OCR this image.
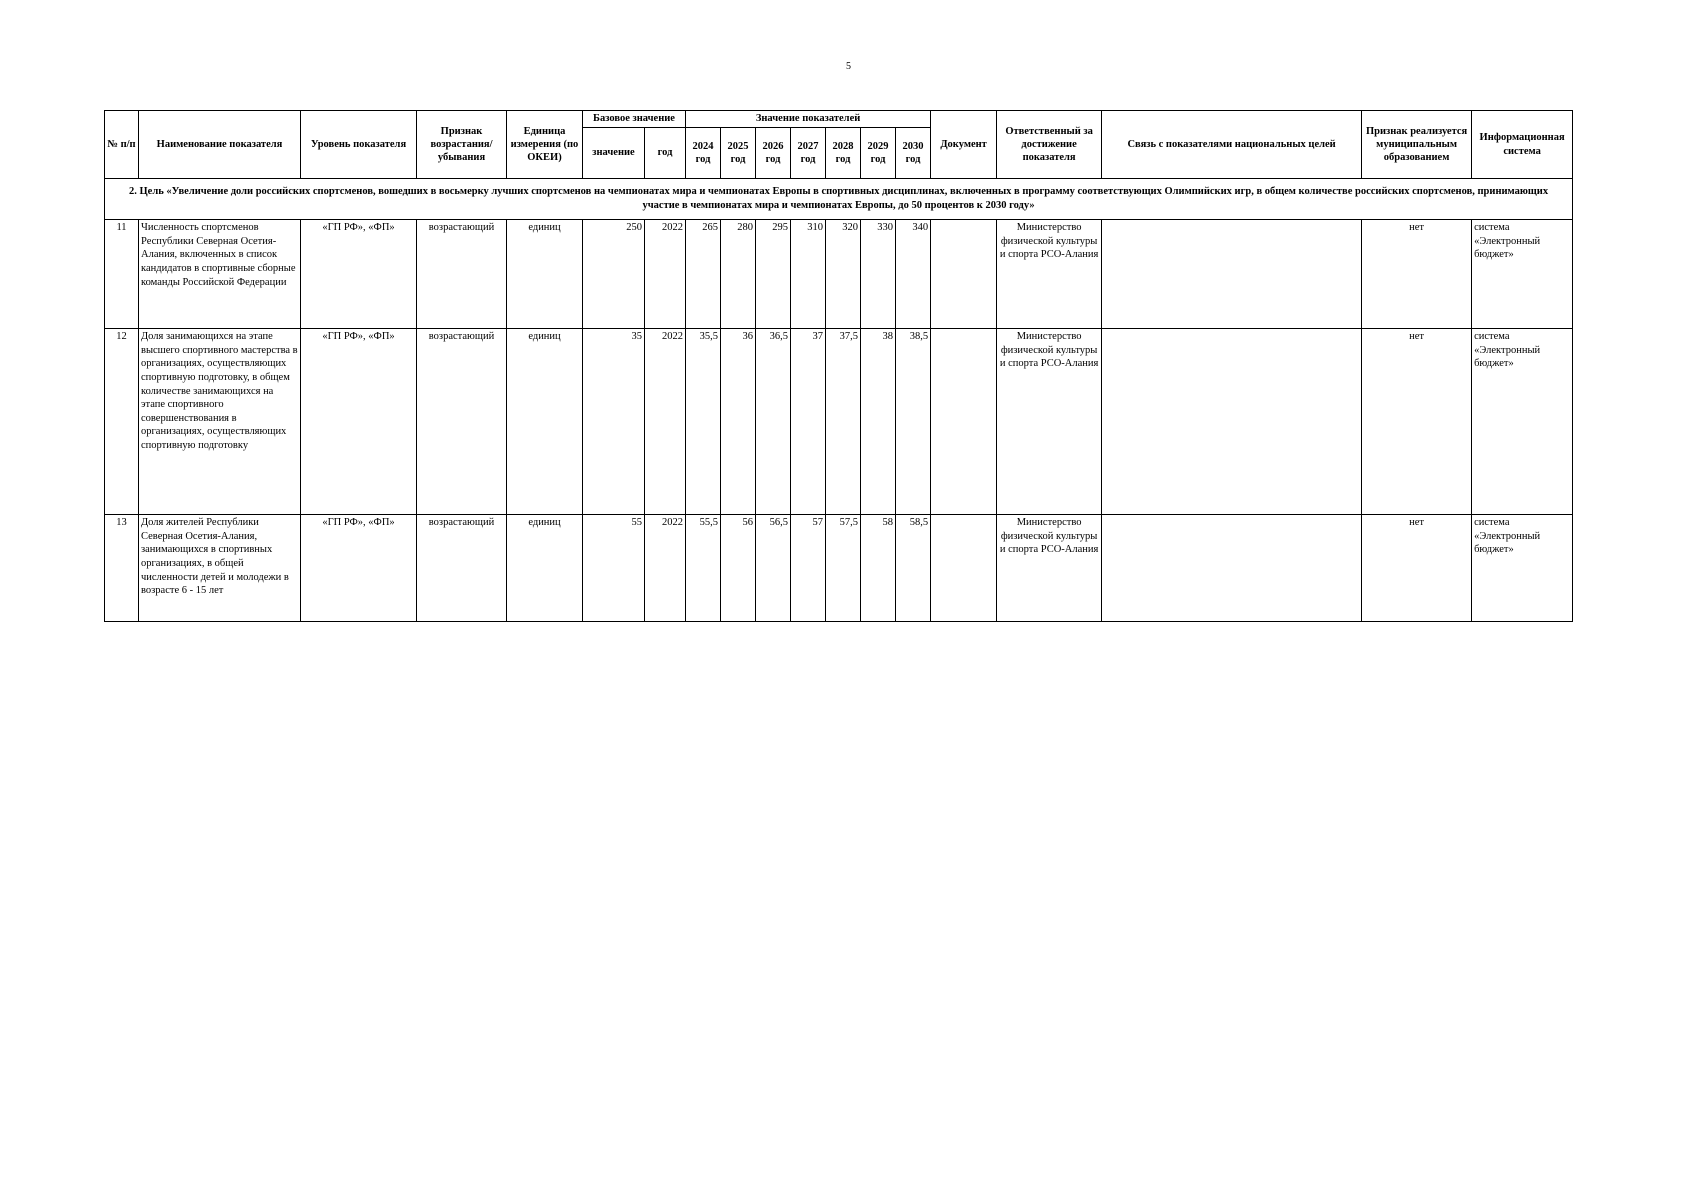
5
№ п/п	Наименование показателя	Уровень показателя	Признак возрастания/ убывания	Единица измерения (по ОКЕИ)	Базовое значение		Значение показателей							Документ	Ответственный за достижение показателя	Связь с показателями национальных целей	Признак реализуется муниципальным образованием	Информационная система
					значение	год	2024 год	2025 год	2026 год	2027 год	2028 год	2029 год	2030 год					
2. Цель «Увеличение доли российских спортсменов, вошедших в восьмерку лучших спортсменов на чемпионатах мира и чемпионатах Европы в спортивных дисциплинах, включенных в программу соответствующих Олимпийских игр, в общем количестве российских спортсменов, принимающих участие в чемпионатах мира и чемпионатах Европы, до 50 процентов к 2030 году»																		
11	Численность спортсменов Республики Северная Осетия-Алания, включенных в список кандидатов в спортивные сборные команды Российской Федерации	«ГП РФ», «ФП»	возрастающий	единиц	250	2022	265	280	295	310	320	330	340		Министерство физической культуры и спорта РСО-Алания		нет	система «Электронный бюджет»
12	Доля занимающихся на этапе высшего спортивного мастерства в организациях, осуществляющих спортивную подготовку, в общем количестве занимающихся на этапе спортивного совершенствования в организациях, осуществляющих спортивную подготовку	«ГП РФ», «ФП»	возрастающий	единиц	35	2022	35,5	36	36,5	37	37,5	38	38,5		Министерство физической культуры и спорта РСО-Алания		нет	система «Электронный бюджет»
13	Доля жителей Республики Северная Осетия-Алания, занимающихся в спортивных организациях, в общей численности детей и молодежи в возрасте 6 - 15 лет	«ГП РФ», «ФП»	возрастающий	единиц	55	2022	55,5	56	56,5	57	57,5	58	58,5		Министерство физической культуры и спорта РСО-Алания		нет	система «Электронный бюджет»
